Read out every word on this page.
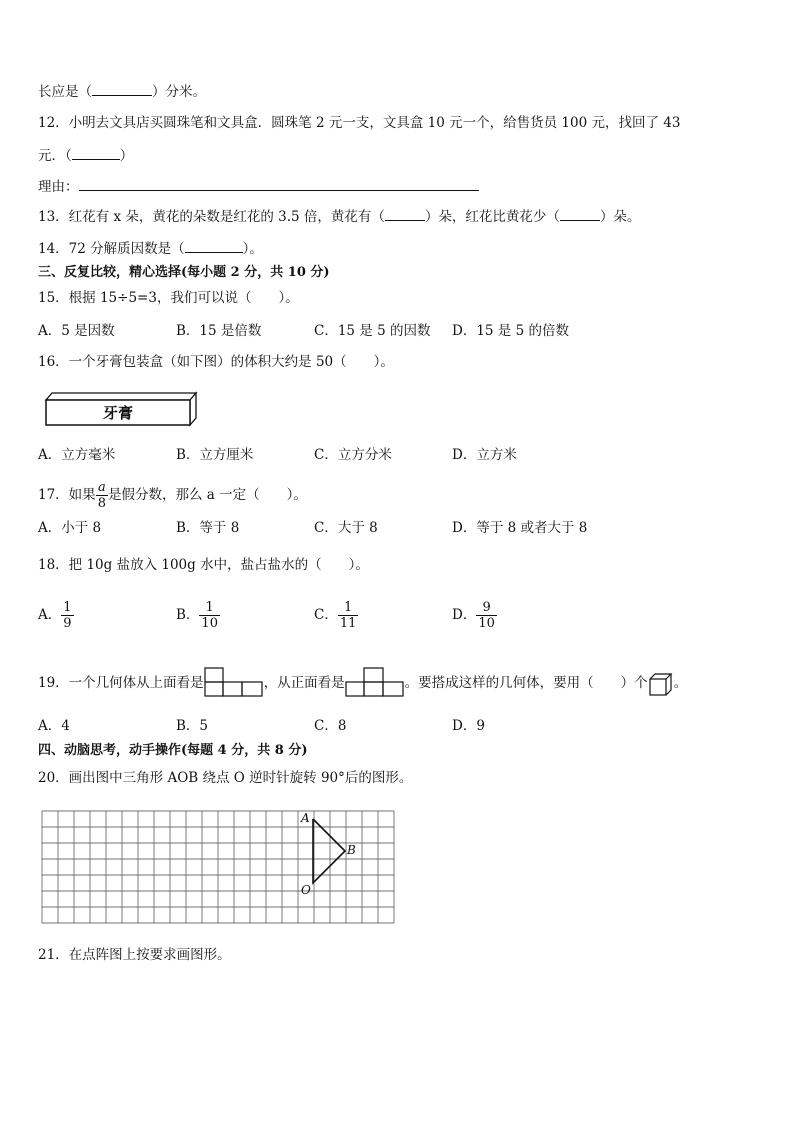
长应是（	）分米。
12．小明去文具店买圆珠笔和文具盒．圆珠笔 2 元一支，文具盒 10 元一个，给售货员 100 元，找回了 43
元．（	）
理由：
13．红花有 x 朵，黄花的朵数是红花的 3.5 倍，黄花有（	）朵，红花比黄花少（	）朵。
14．72 分解质因数是（	）。
三、反复比较，精心选择(每小题 2 分，共 10 分)
15．根据 15÷5=3，我们可以说（　　）。
A．5 是因数	B．15 是倍数	C．15 是 5 的因数 D．15 是 5 的倍数
16．一个牙膏包装盒（如下图）的体积大约是 50（　　）。
牙膏
A．立方毫米	B．立方厘米	C．立方分米	D．立方米
17．如果 $\frac{a}{8}$ 是假分数，那么 a 一定（　　）。
A．小于 8	B．等于 8	C．大于 8	D．等于 8 或者大于 8
18．把 10g 盐放入 100g 水中，盐占盐水的（　　）。
A． $\frac{1}{9}$	B． $\frac{1}{10}$	C． $\frac{1}{11}$	D． $\frac{9}{10}$
19．一个几何体从上面看是	，从正面看是	。要搭成这样的几何体，要用（　　）个 。
A．4	B．5	C．8	D．9
四、动脑思考，动手操作(每题 4 分，共 8 分)
20．画出图中三角形 AOB 绕点 O 逆时针旋转 90°后的图形。
A
B
O
21．在点阵图上按要求画图形。
